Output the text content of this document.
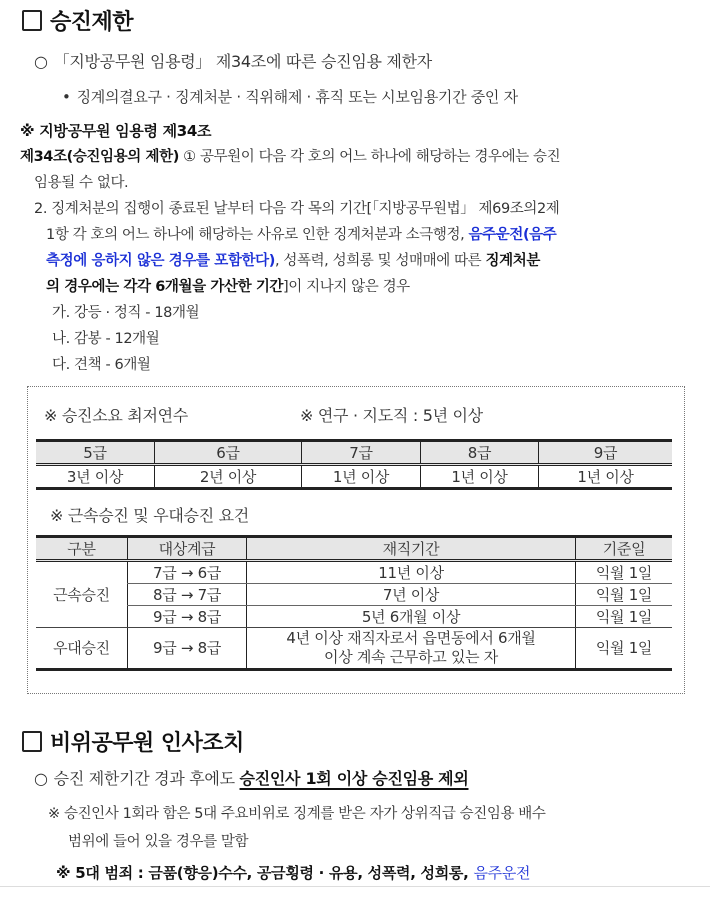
승진제한
○ 「지방공무원 임용령」 제34조에 따른 승진임용 제한자
• 징계의결요구 · 징계처분 · 직위해제 · 휴직 또는 시보임용기간 중인 자
※ 지방공무원 임용령 제34조
제34조(승진임용의 제한) ① 공무원이 다음 각 호의 어느 하나에 해당하는 경우에는 승진
임용될 수 없다.
2. 징계처분의 집행이 종료된 날부터 다음 각 목의 기간[「지방공무원법」 제69조의2제
1항 각 호의 어느 하나에 해당하는 사유로 인한 징계처분과 소극행정, 음주운전(음주
측정에 응하지 않은 경우를 포함한다), 성폭력, 성희롱 및 성매매에 따른 징계처분
의 경우에는 각각 6개월을 가산한 기간]이 지나지 않은 경우
가. 강등 · 정직 - 18개월
나. 감봉 - 12개월
다. 견책 - 6개월
※ 승진소요 최저연수	※ 연구 · 지도직 : 5년 이상
5급	6급	7급	8급	9급
3년 이상	2년 이상	1년 이상	1년 이상	1년 이상
※ 근속승진 및 우대승진 요건
구분	대상계급	재직기간	기준일
근속승진	7급 → 6급	11년 이상	익월 1일
	8급 → 7급	7년 이상	익월 1일
	9급 → 8급	5년 6개월 이상	익월 1일
우대승진	9급 → 8급	4년 이상 재직자로서 읍면동에서 6개월
이상 계속 근무하고 있는 자	익월 1일
비위공무원 인사조치
○ 승진 제한기간 경과 후에도 승진인사 1회 이상 승진임용 제외
※ 승진인사 1회라 함은 5대 주요비위로 징계를 받은 자가 상위직급 승진임용 배수
범위에 들어 있을 경우를 말함
※ 5대 범죄 : 금품(향응)수수, 공금횡령 · 유용, 성폭력, 성희롱, 음주운전
